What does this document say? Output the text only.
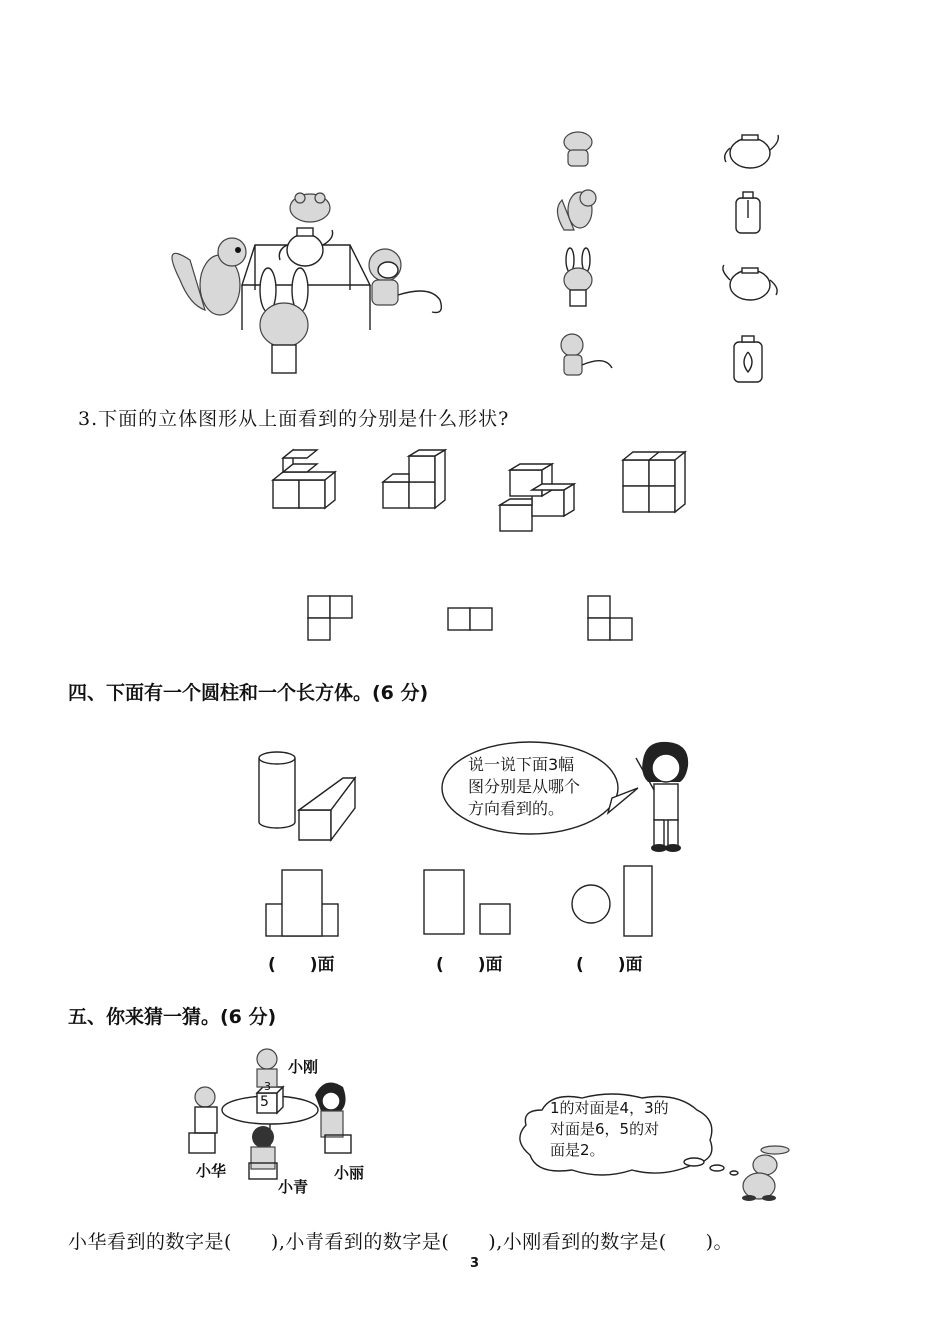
3.下面的立体图形从上面看到的分别是什么形状?
四、下面有一个圆柱和一个长方体。(6 分)
说一说下面3幅
图分别是从哪个
方向看到的。
(　　)面	(　　)面	(　　)面
五、你来猜一猜。(6 分)
3
5
小刚
小华
小青
小丽
1的对面是4，3的
对面是6，5的对
面是2。
小华看到的数字是(　　),小青看到的数字是(　　),小刚看到的数字是(　　)。
3
